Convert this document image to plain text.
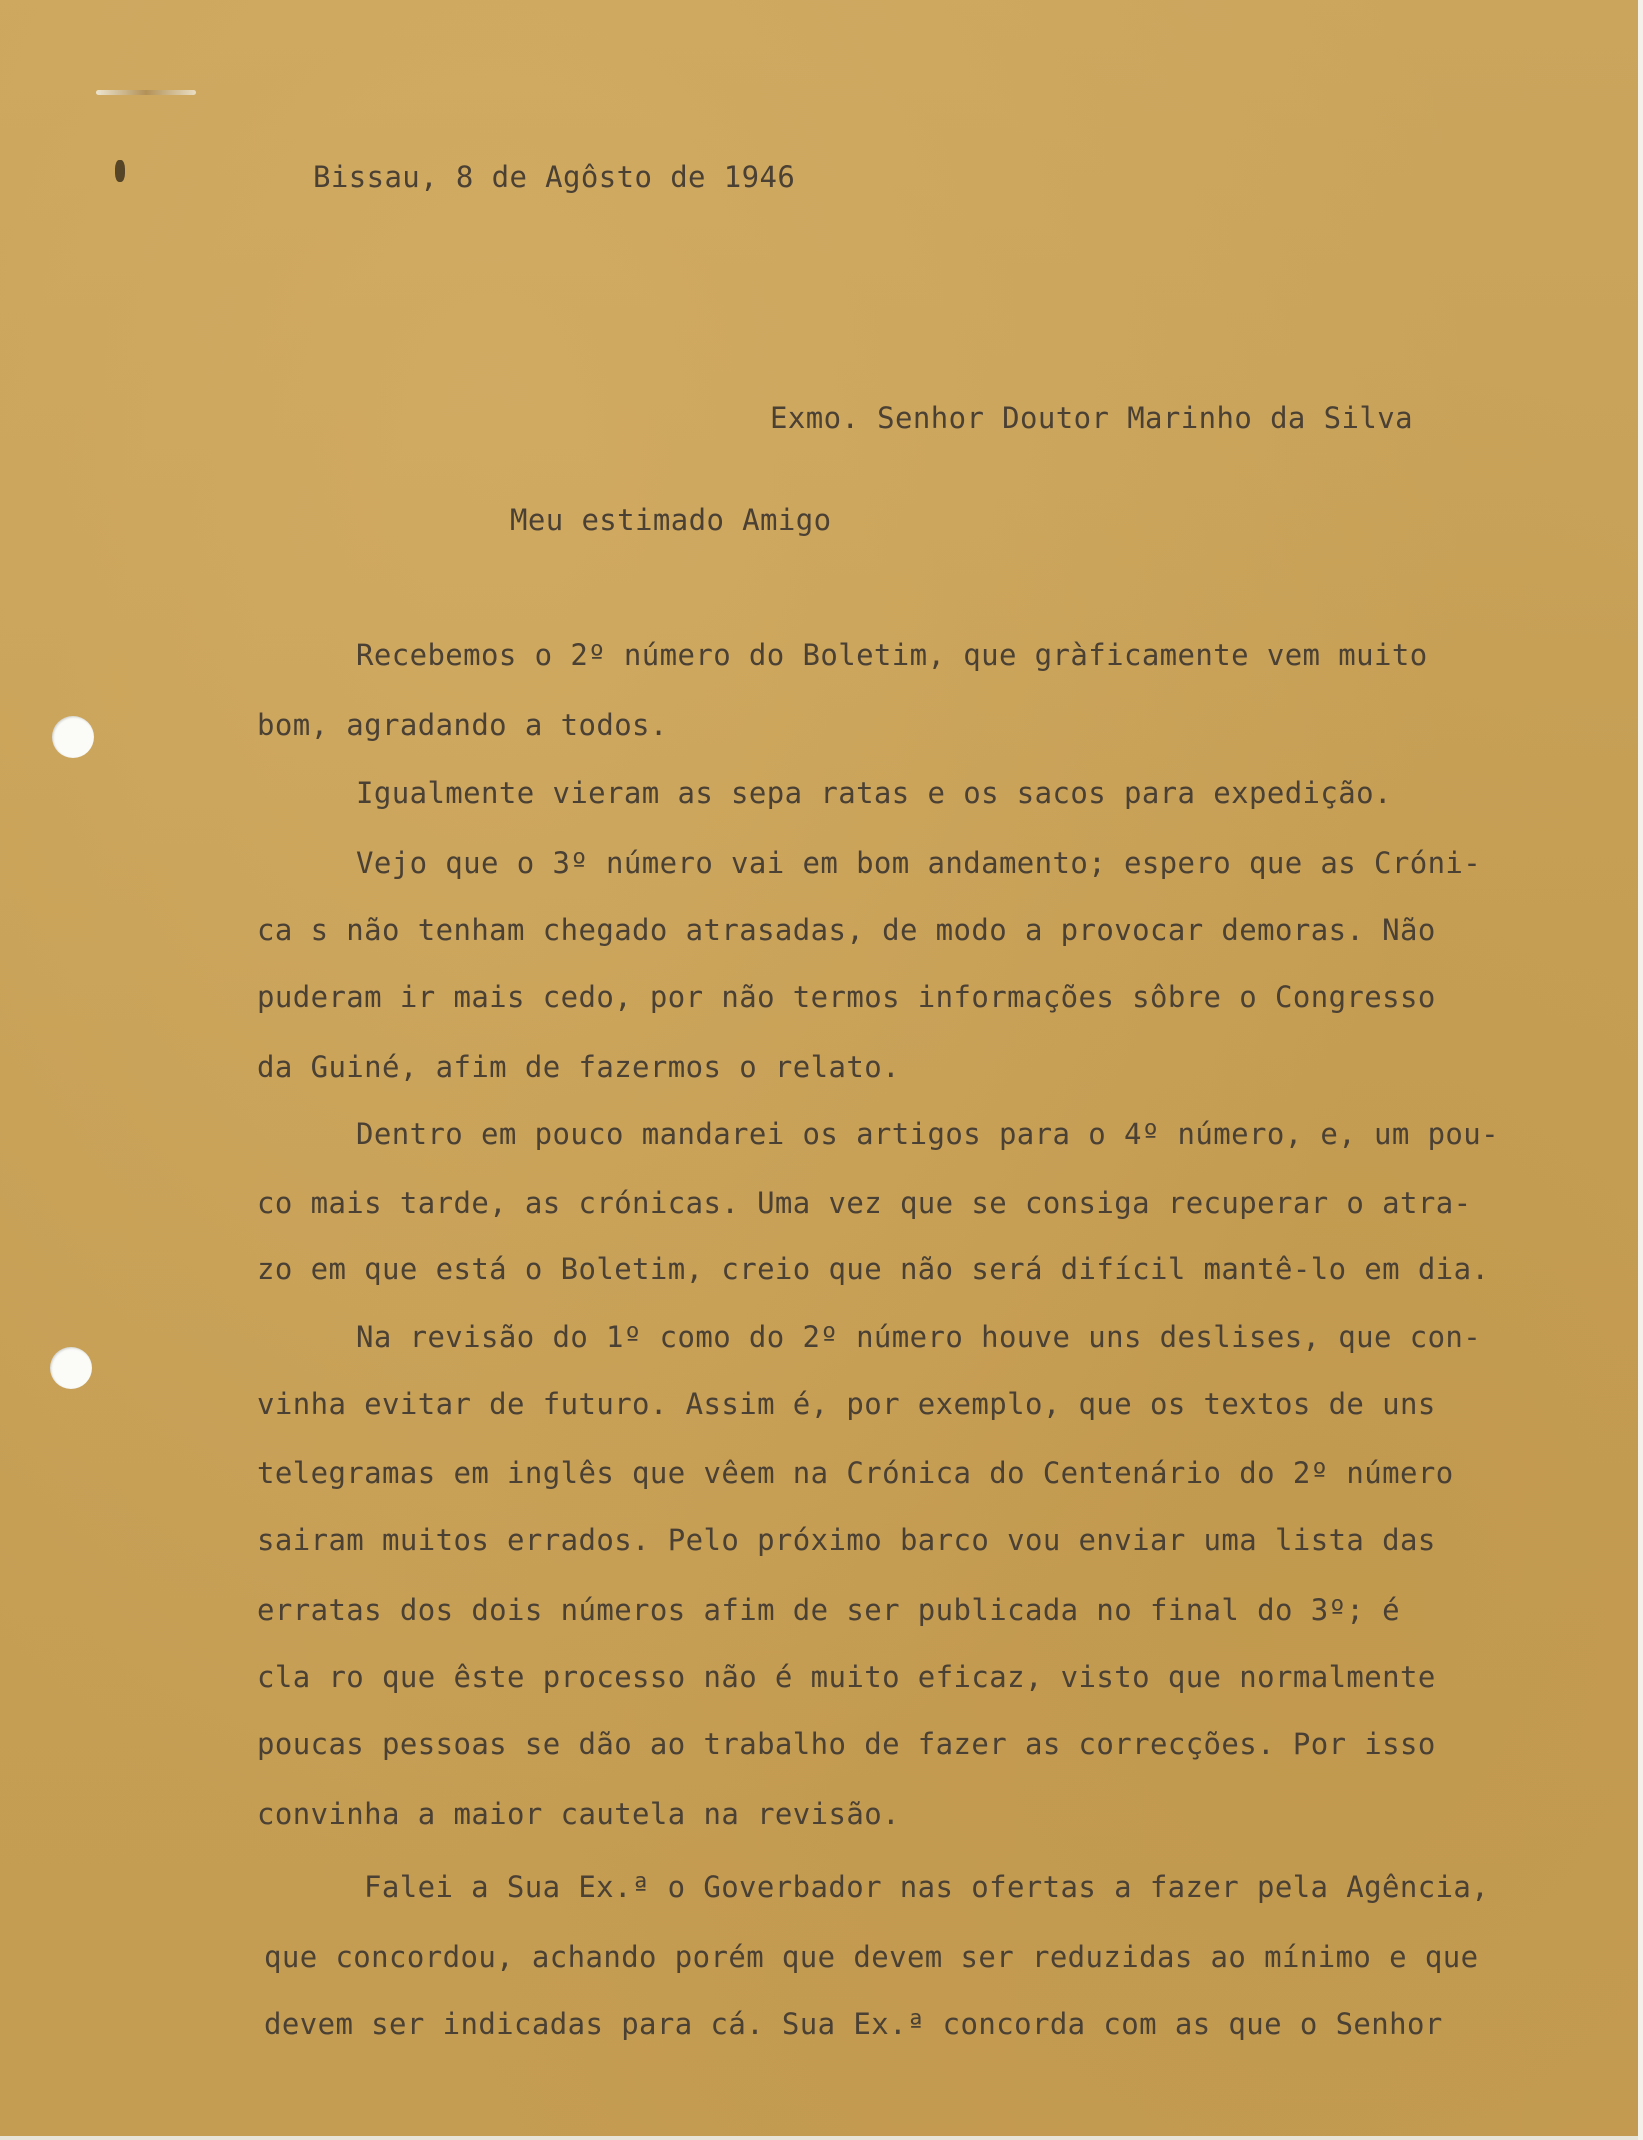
Bissau, 8 de Agôsto de 1946
Exmo. Senhor Doutor Marinho da Silva
Meu estimado Amigo
Recebemos o 2º número do Boletim, que gràficamente vem muito
bom, agradando a todos.
Igualmente vieram as sepa ratas e os sacos para expedição.
Vejo que o 3º número vai em bom andamento; espero que as Cróni-
ca s não tenham chegado atrasadas, de modo a provocar demoras. Não
puderam ir mais cedo, por não termos informações sôbre o Congresso
da Guiné, afim de fazermos o relato.
Dentro em pouco mandarei os artigos para o 4º número, e, um pou-
co mais tarde, as crónicas. Uma vez que se consiga recuperar o atra-
zo em que está o Boletim, creio que não será difícil mantê-lo em dia.
Na revisão do 1º como do 2º número houve uns deslises, que con-
vinha evitar de futuro. Assim é, por exemplo, que os textos de uns
telegramas em inglês que vêem na Crónica do Centenário do 2º número
sairam muitos errados. Pelo próximo barco vou enviar uma lista das
erratas dos dois números afim de ser publicada no final do 3º; é
cla ro que êste processo não é muito eficaz, visto que normalmente
poucas pessoas se dão ao trabalho de fazer as correcções. Por isso
convinha a maior cautela na revisão.
Falei a Sua Ex.ª o Goverbador nas ofertas a fazer pela Agência,
que concordou, achando porém que devem ser reduzidas ao mínimo e que
devem ser indicadas para cá. Sua Ex.ª concorda com as que o Senhor
